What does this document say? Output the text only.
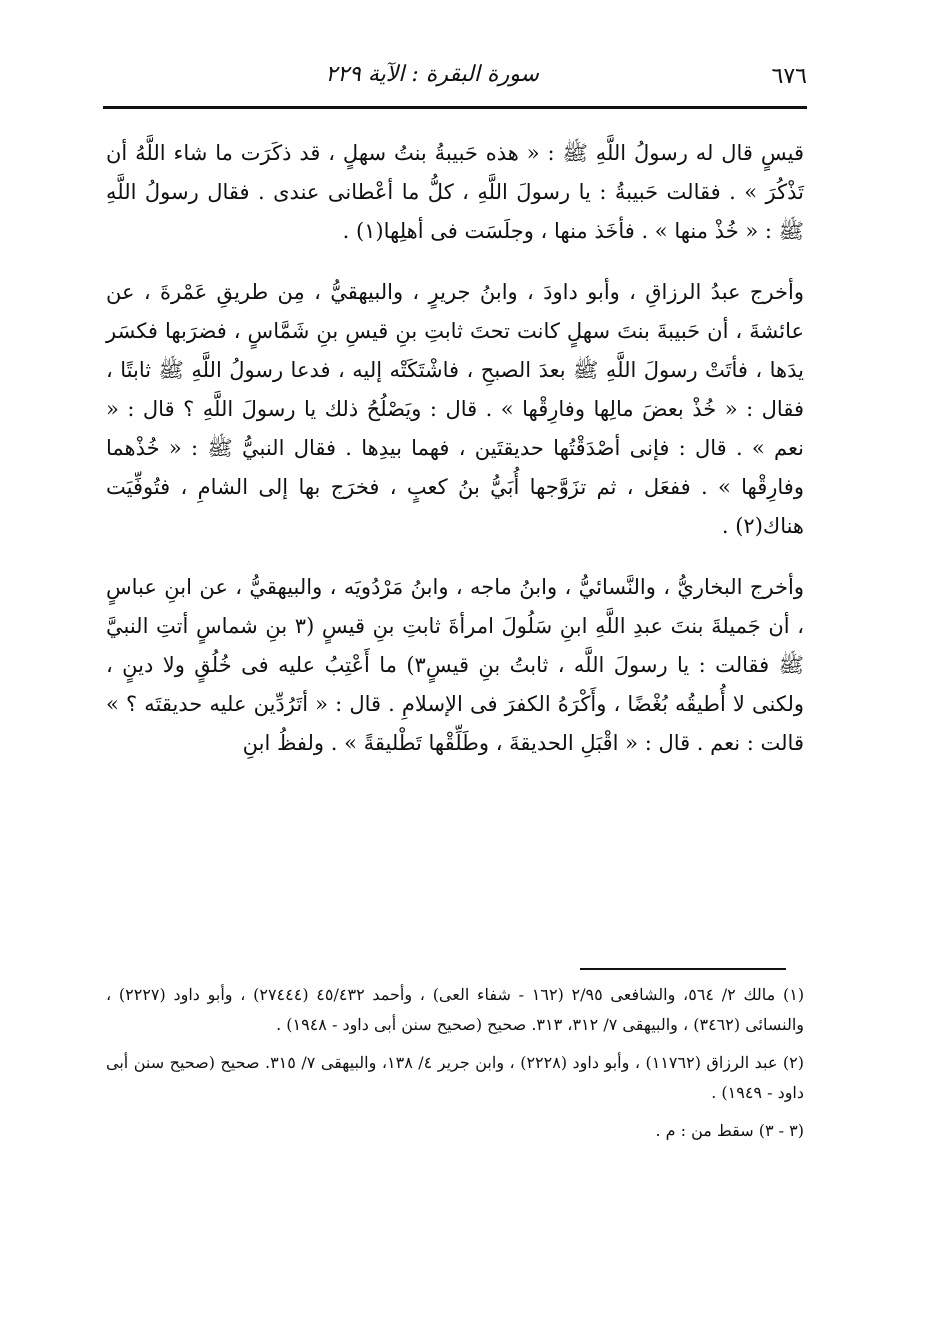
٦٧٦
سورة البقرة : الآية ٢٢٩

قيسٍ قال له رسولُ اللَّهِ ﷺ : « هذه حَبيبةُ بنتُ سهلٍ ، قد ذكَرَت ما شاء اللَّهُ أن تَذْكُرَ » . فقالت حَبيبةُ : يا رسولَ اللَّهِ ، كلُّ ما أعْطانى عندى . فقال رسولُ اللَّهِ ﷺ : « خُذْ منها » . فأخَذ منها ، وجلَسَت فى أهلِها(١) .

وأخرج عبدُ الرزاقِ ، وأبو داودَ ، وابنُ جريرٍ ، والبيهقيُّ ، مِن طريقِ عَمْرةَ ، عن عائشةَ ، أن حَبيبةَ بنتَ سهلٍ كانت تحتَ ثابتِ بنِ قيسِ بنِ شَمَّاسٍ ، فضرَبها فكسَر يدَها ، فأتَتْ رسولَ اللَّهِ ﷺ بعدَ الصبحِ ، فاشْتَكَتْه إليه ، فدعا رسولُ اللَّهِ ﷺ ثابتًا ، فقال : « خُذْ بعضَ مالِها وفارِقْها » . قال : ويَصْلُحُ ذلك يا رسولَ اللَّهِ ؟ قال : « نعم » . قال : فإنى أصْدَقْتُها حديقتَين ، فهما بيدِها . فقال النبيُّ ﷺ : « خُذْهما وفارِقْها » . ففعَل ، ثم تزَوَّجها أُبَيُّ بنُ كعبٍ ، فخرَج بها إلى الشامِ ، فتُوفِّيَت هناك(٢) .

وأخرج البخاريُّ ، والنَّسائيُّ ، وابنُ ماجه ، وابنُ مَرْدُويَه ، والبيهقيُّ ، عن ابنِ عباسٍ ، أن جَميلةَ بنتَ عبدِ اللَّهِ ابنِ سَلُولَ امرأةَ ثابتِ بنِ قيسٍ (٣ بنِ شماسٍ أتتِ النبيَّ ﷺ فقالت : يا رسولَ اللَّه ، ثابتُ بنِ قيسٍ٣) ما أَعْتِبُ عليه فى خُلُقٍ ولا دينٍ ، ولكنى لا أُطيقُه بُغْضًا ، وأَكْرَهُ الكفرَ فى الإسلامِ . قال : « أتَرُدِّين عليه حديقتَه ؟ » قالت : نعم . قال : « اقْبَلِ الحديقةَ ، وطَلِّقْها تَطْليقةً » . ولفظُ ابنِ

(١) مالك ٢/ ٥٦٤، والشافعى ٢/٩٥ (١٦٢ - شفاء العى) ، وأحمد ٤٥/٤٣٢ (٢٧٤٤٤) ، وأبو داود (٢٢٢٧) ، والنسائى (٣٤٦٢) ، والبيهقى ٧/ ٣١٢، ٣١٣. صحيح (صحيح سنن أبى داود - ١٩٤٨) .

(٢) عبد الرزاق (١١٧٦٢) ، وأبو داود (٢٢٢٨) ، وابن جرير ٤/ ١٣٨، والبيهقى ٧/ ٣١٥. صحيح (صحيح سنن أبى داود - ١٩٤٩) .

(٣ - ٣) سقط من : م .
